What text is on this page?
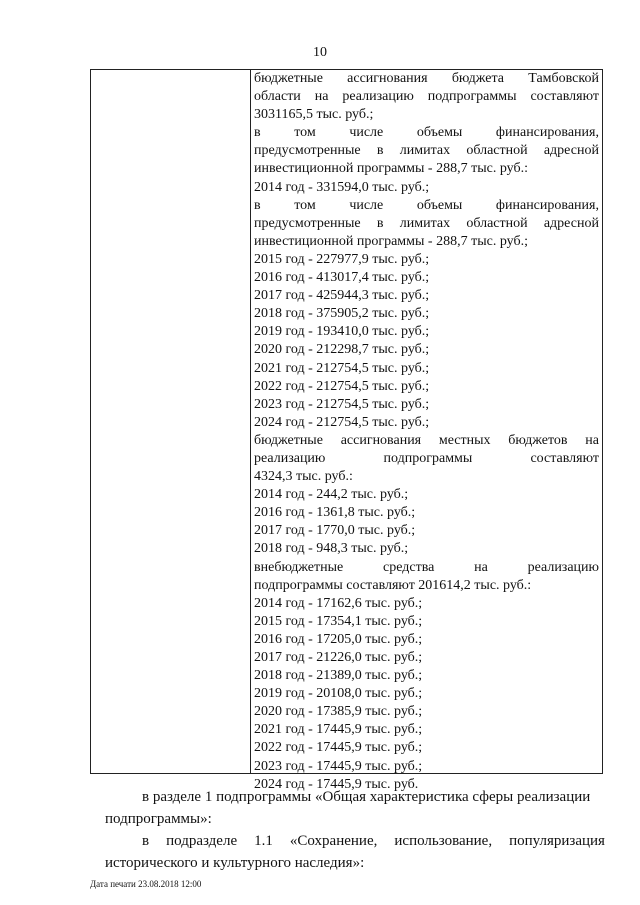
10
бюджетные ассигнования бюджета Тамбовской
области на реализацию подпрограммы составляют
3031165,5 тыс. руб.;
в том числе объемы финансирования,
предусмотренные в лимитах областной адресной
инвестиционной программы - 288,7 тыс. руб.:
2014 год - 331594,0 тыс. руб.;
в том числе объемы финансирования,
предусмотренные в лимитах областной адресной
инвестиционной программы - 288,7 тыс. руб.;
2015 год - 227977,9 тыс. руб.;
2016 год - 413017,4 тыс. руб.;
2017 год - 425944,3 тыс. руб.;
2018 год - 375905,2 тыс. руб.;
2019 год - 193410,0 тыс. руб.;
2020 год - 212298,7 тыс. руб.;
2021 год - 212754,5 тыс. руб.;
2022 год - 212754,5 тыс. руб.;
2023 год - 212754,5 тыс. руб.;
2024 год - 212754,5 тыс. руб.;
бюджетные ассигнования местных бюджетов на
реализацию	подпрограммы	составляют
4324,3 тыс. руб.:
2014 год - 244,2 тыс. руб.;
2016 год - 1361,8 тыс. руб.;
2017 год - 1770,0 тыс. руб.;
2018 год - 948,3 тыс. руб.;
внебюджетные	средства	на	реализацию
подпрограммы составляют 201614,2 тыс. руб.:
2014 год - 17162,6 тыс. руб.;
2015 год - 17354,1 тыс. руб.;
2016 год - 17205,0 тыс. руб.;
2017 год - 21226,0 тыс. руб.;
2018 год - 21389,0 тыс. руб.;
2019 год - 20108,0 тыс. руб.;
2020 год - 17385,9 тыс. руб.;
2021 год - 17445,9 тыс. руб.;
2022 год - 17445,9 тыс. руб.;
2023 год - 17445,9 тыс. руб.;
2024 год - 17445,9 тыс. руб.
в разделе 1 подпрограммы «Общая характеристика сферы реализации
подпрограммы»:
в подразделе 1.1 «Сохранение, использование, популяризация
исторического и культурного наследия»:
Дата печати 23.08.2018 12:00
